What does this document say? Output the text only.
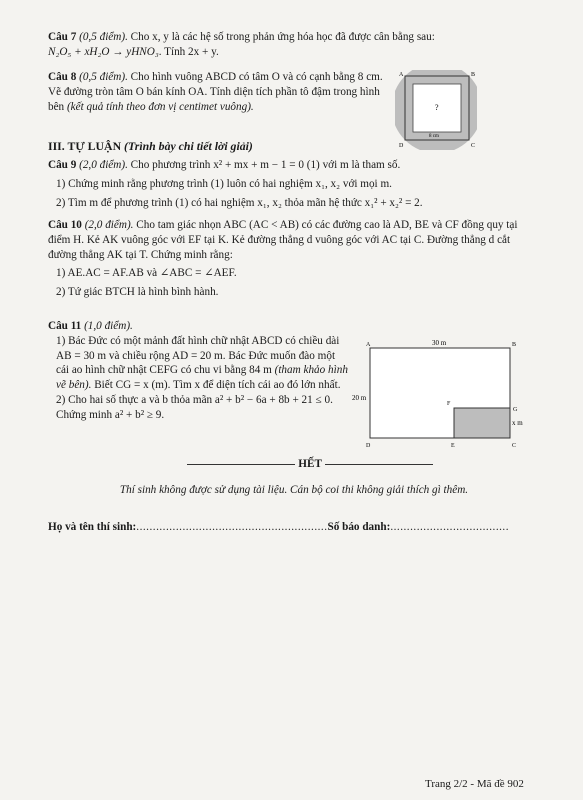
Câu 7 (0,5 điểm). Cho x, y là các hệ số trong phản ứng hóa học đã được cân bằng sau:
N₂O₅ + xH₂O → yHNO₃. Tính 2x + y.
Câu 8 (0,5 điểm). Cho hình vuông ABCD có tâm O và có cạnh bằng 8 cm. Vẽ đường tròn tâm O bán kính OA. Tính diện tích phần tô đậm trong hình bên (kết quả tính theo đơn vị centimet vuông).
A	B
C
D
?
8 cm
III. TỰ LUẬN (Trình bày chi tiết lời giải)
Câu 9 (2,0 điểm). Cho phương trình x² + mx + m − 1 = 0 (1) với m là tham số.
1) Chứng minh rằng phương trình (1) luôn có hai nghiệm x₁, x₂ với mọi m.
2) Tìm m để phương trình (1) có hai nghiệm x₁, x₂ thỏa mãn hệ thức x₁² + x₂² = 2.
Câu 10 (2,0 điểm). Cho tam giác nhọn ABC (AC < AB) có các đường cao là AD, BE và CF đồng quy tại điểm H. Kẻ AK vuông góc với EF tại K. Kẻ đường thẳng d vuông góc với AC tại C. Đường thẳng d cắt đường thẳng AK tại T. Chứng minh rằng:
1) AE.AC = AF.AB và ∠ABC = ∠AEF.
2) Tứ giác BTCH là hình bình hành.
Câu 11 (1,0 điểm).
1) Bác Đức có một mảnh đất hình chữ nhật ABCD có chiều dài AB = 30 m và chiều rộng AD = 20 m. Bác Đức muốn đào một cái ao hình chữ nhật CEFG có chu vi bằng 84 m (tham khảo hình vẽ bên). Biết CG = x (m). Tìm x để diện tích cái ao đó lớn nhất.
2) Cho hai số thực a và b thỏa mãn a² + b² − 6a + 8b + 21 ≤ 0. Chứng minh a² + b² ≥ 9.
A	B
C
D	E
F
G
30 m
20 m
x m
HẾT
Thí sinh không được sử dụng tài liệu. Cán bộ coi thi không giải thích gì thêm.
Họ và tên thí sinh:..........................................................Số báo danh:....................................
Trang 2/2 - Mã đề 902
